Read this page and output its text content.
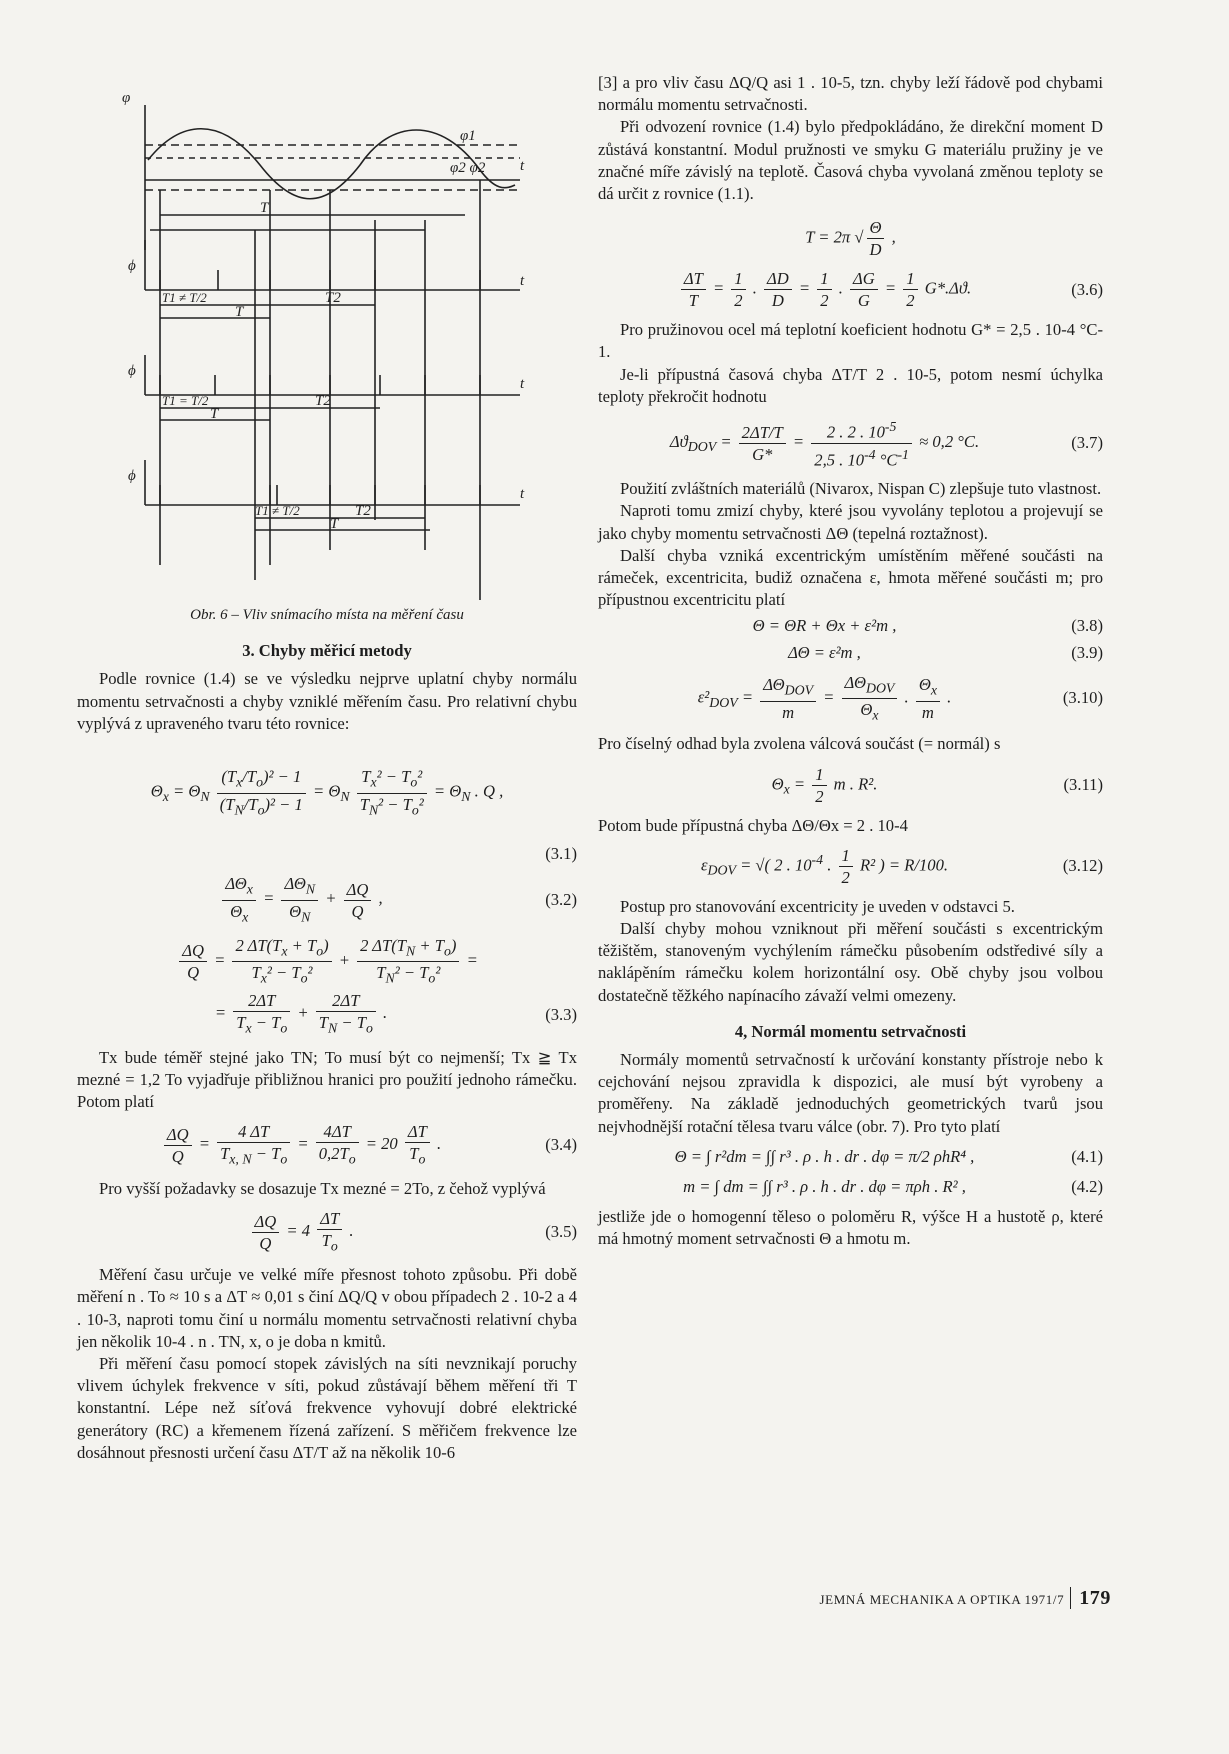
φ
φ1
φ2 φ2 t
T
ϕ
t
T1 ≠ T/2	T2
T
ϕ
t
T1 = T/2	T2
T
ϕ
t
T1 ≠ T/2	T2
T
Obr. 6 – Vliv snímacího místa na měření času
3. Chyby měřicí metody

Podle rovnice (1.4) se ve výsledku nejprve uplatní chyby normálu momentu setrvačnosti a chyby vzniklé měřením času. Pro relativní chybu vyplývá z upraveného tvaru této rovnice:

$\Theta_x = \Theta_N \frac{(T_x/T_o)^2 - 1}{(T_N/T_o)^2 - 1} = \Theta_N \frac{T_x^2 - T_o^2}{T_N^2 - T_o^2} = \Theta_N$ . Q ,
(3.1)
$\frac{\Delta\Theta_x}{\Theta_x} = \frac{\Delta\Theta_N}{\Theta_N} + \frac{\Delta Q}{Q}$ ,	(3.2)
$\frac{\Delta Q}{Q} = \frac{2 \Delta T(T_x + T_o)}{T_x^2 - T_o^2} + \frac{2 \Delta T(T_N + T_o)}{T_N^2 - T_o^2}$ =
= $\frac{2\Delta T}{T_x - T_o} + \frac{2\Delta T}{T_N - T_o}$ .	(3.3)

Tx bude téměř stejné jako TN; To musí být co nejmenší; Tx ≧ Tx mezné = 1,2 To vyjadřuje přibližnou hranici pro použití jednoho rámečku. Potom platí

$\frac{\Delta Q}{Q} = \frac{4 \Delta T}{T_{x, N} - T_o} = \frac{4\Delta T}{0,2T_o} = 20 \frac{\Delta T}{T_o}$ .	(3.4)

Pro vyšší požadavky se dosazuje Tx mezné = 2To, z čehož vyplývá

$\frac{\Delta Q}{Q} = 4 \frac{\Delta T}{T_o}$ .	(3.5)

Měření času určuje ve velké míře přesnost tohoto způsobu. Při době měření n . To ≈ 10 s a ΔT ≈ 0,01 s činí ΔQ/Q v obou případech 2 . 10-2 a 4 . 10-3, naproti tomu činí u normálu momentu setrvačnosti relativní chyba jen několik 10-4 . n . TN, x, o je doba n kmitů.

Při měření času pomocí stopek závislých na síti nevznikají poruchy vlivem úchylek frekvence v síti, pokud zůstávají během měření tři T konstantní. Lépe než síťová frekvence vyhovují dobré elektrické generátory (RC) a křemenem řízená zařízení. S měřičem frekvence lze dosáhnout přesnosti určení času ΔT/T až na několik 10-6

[3] a pro vliv času ΔQ/Q asi 1 . 10-5, tzn. chyby leží řádově pod chybami normálu momentu setrvačnosti.

Při odvození rovnice (1.4) bylo předpokládáno, že direkční moment D zůstává konstantní. Modul pružnosti ve smyku G materiálu pružiny je ve značné míře závislý na teplotě. Časová chyba vyvolaná změnou teploty se dá určit z rovnice (1.1).

T = 2π √ $\frac{\Theta}{D}$ ,
$\frac{\Delta T}{T} = \frac{1}{2}$ . $\frac{\Delta D}{D} = \frac{1}{2}$ . $\frac{\Delta G}{G} = \frac{1}{2} G*.\Delta ϑ$.	(3.6)

Pro pružinovou ocel má teplotní koeficient hodnotu G* = 2,5 . 10-4 °C-1.

Je-li přípustná časová chyba ΔT/T 2 . 10-5, potom nesmí úchylka teploty překročit hodnotu

$\Delta ϑ_{DOV} = \frac{2\Delta T/T}{G*} = \frac{2 . 2 . 10^{-5}}{2,5 . 10^{-4} ^\circ C^{-1}} \approx 0,2$ °C.	(3.7)

Použití zvláštních materiálů (Nivarox, Nispan C) zlepšuje tuto vlastnost.

Naproti tomu zmizí chyby, které jsou vyvolány teplotou a projevují se jako chyby momentu setrvačnosti ΔΘ (tepelná roztažnost).

Další chyba vzniká excentrickým umístěním měřené součásti na rámeček, excentricita, budiž označena ε, hmota měřené součásti m; pro přípustnou excentricitu platí

Θ = ΘR + Θx + ε²m ,	(3.8)
ΔΘ = ε²m ,	(3.9)
$\varepsilon^2_{DOV} = \frac{\Delta\Theta_{DOV}}{m} = \frac{\Delta\Theta_{DOV}}{\Theta_x}$ . $\frac{\Theta_x}{m}$ .	(3.10)

Pro číselný odhad byla zvolena válcová součást (= normál) s

$\Theta_x = \frac{1}{2}$ m . R².	(3.11)

Potom bude přípustná chyba ΔΘ/Θx = 2 . 10-4

$\varepsilon_{DOV}$ = √( 2 . $10^{-4}$ . $\frac{1}{2} R^2$ ) = R/100.	(3.12)

Postup pro stanovování excentricity je uveden v odstavci 5.

Další chyby mohou vzniknout při měření součásti s excentrickým těžištěm, stanoveným vychýlením rámečku působením odstředivé síly a naklápěním rámečku kolem horizontální osy. Obě chyby jsou volbou dostatečně těžkého napínacího závaží velmi omezeny.

4, Normál momentu setrvačnosti

Normály momentů setrvačností k určování konstanty přístroje nebo k cejchování nejsou zpravidla k dispozici, ale musí být vyrobeny a proměřeny. Na základě jednoduchých geometrických tvarů jsou nejvhodnější rotační tělesa tvaru válce (obr. 7). Pro tyto platí

Θ = ∫ r²dm = ∫∫ r³ . ρ . h . dr . dφ = π/2 ρhR⁴ ,	(4.1)
m = ∫ dm = ∫∫ r³ . ρ . h . dr . dφ = πρh . R² ,	(4.2)

jestliže jde o homogenní těleso o poloměru R, výšce H a hustotě ρ, které má hmotný moment setrvačnosti Θ a hmotu m.

JEMNÁ MECHANIKA A OPTIKA 1971/7 179
